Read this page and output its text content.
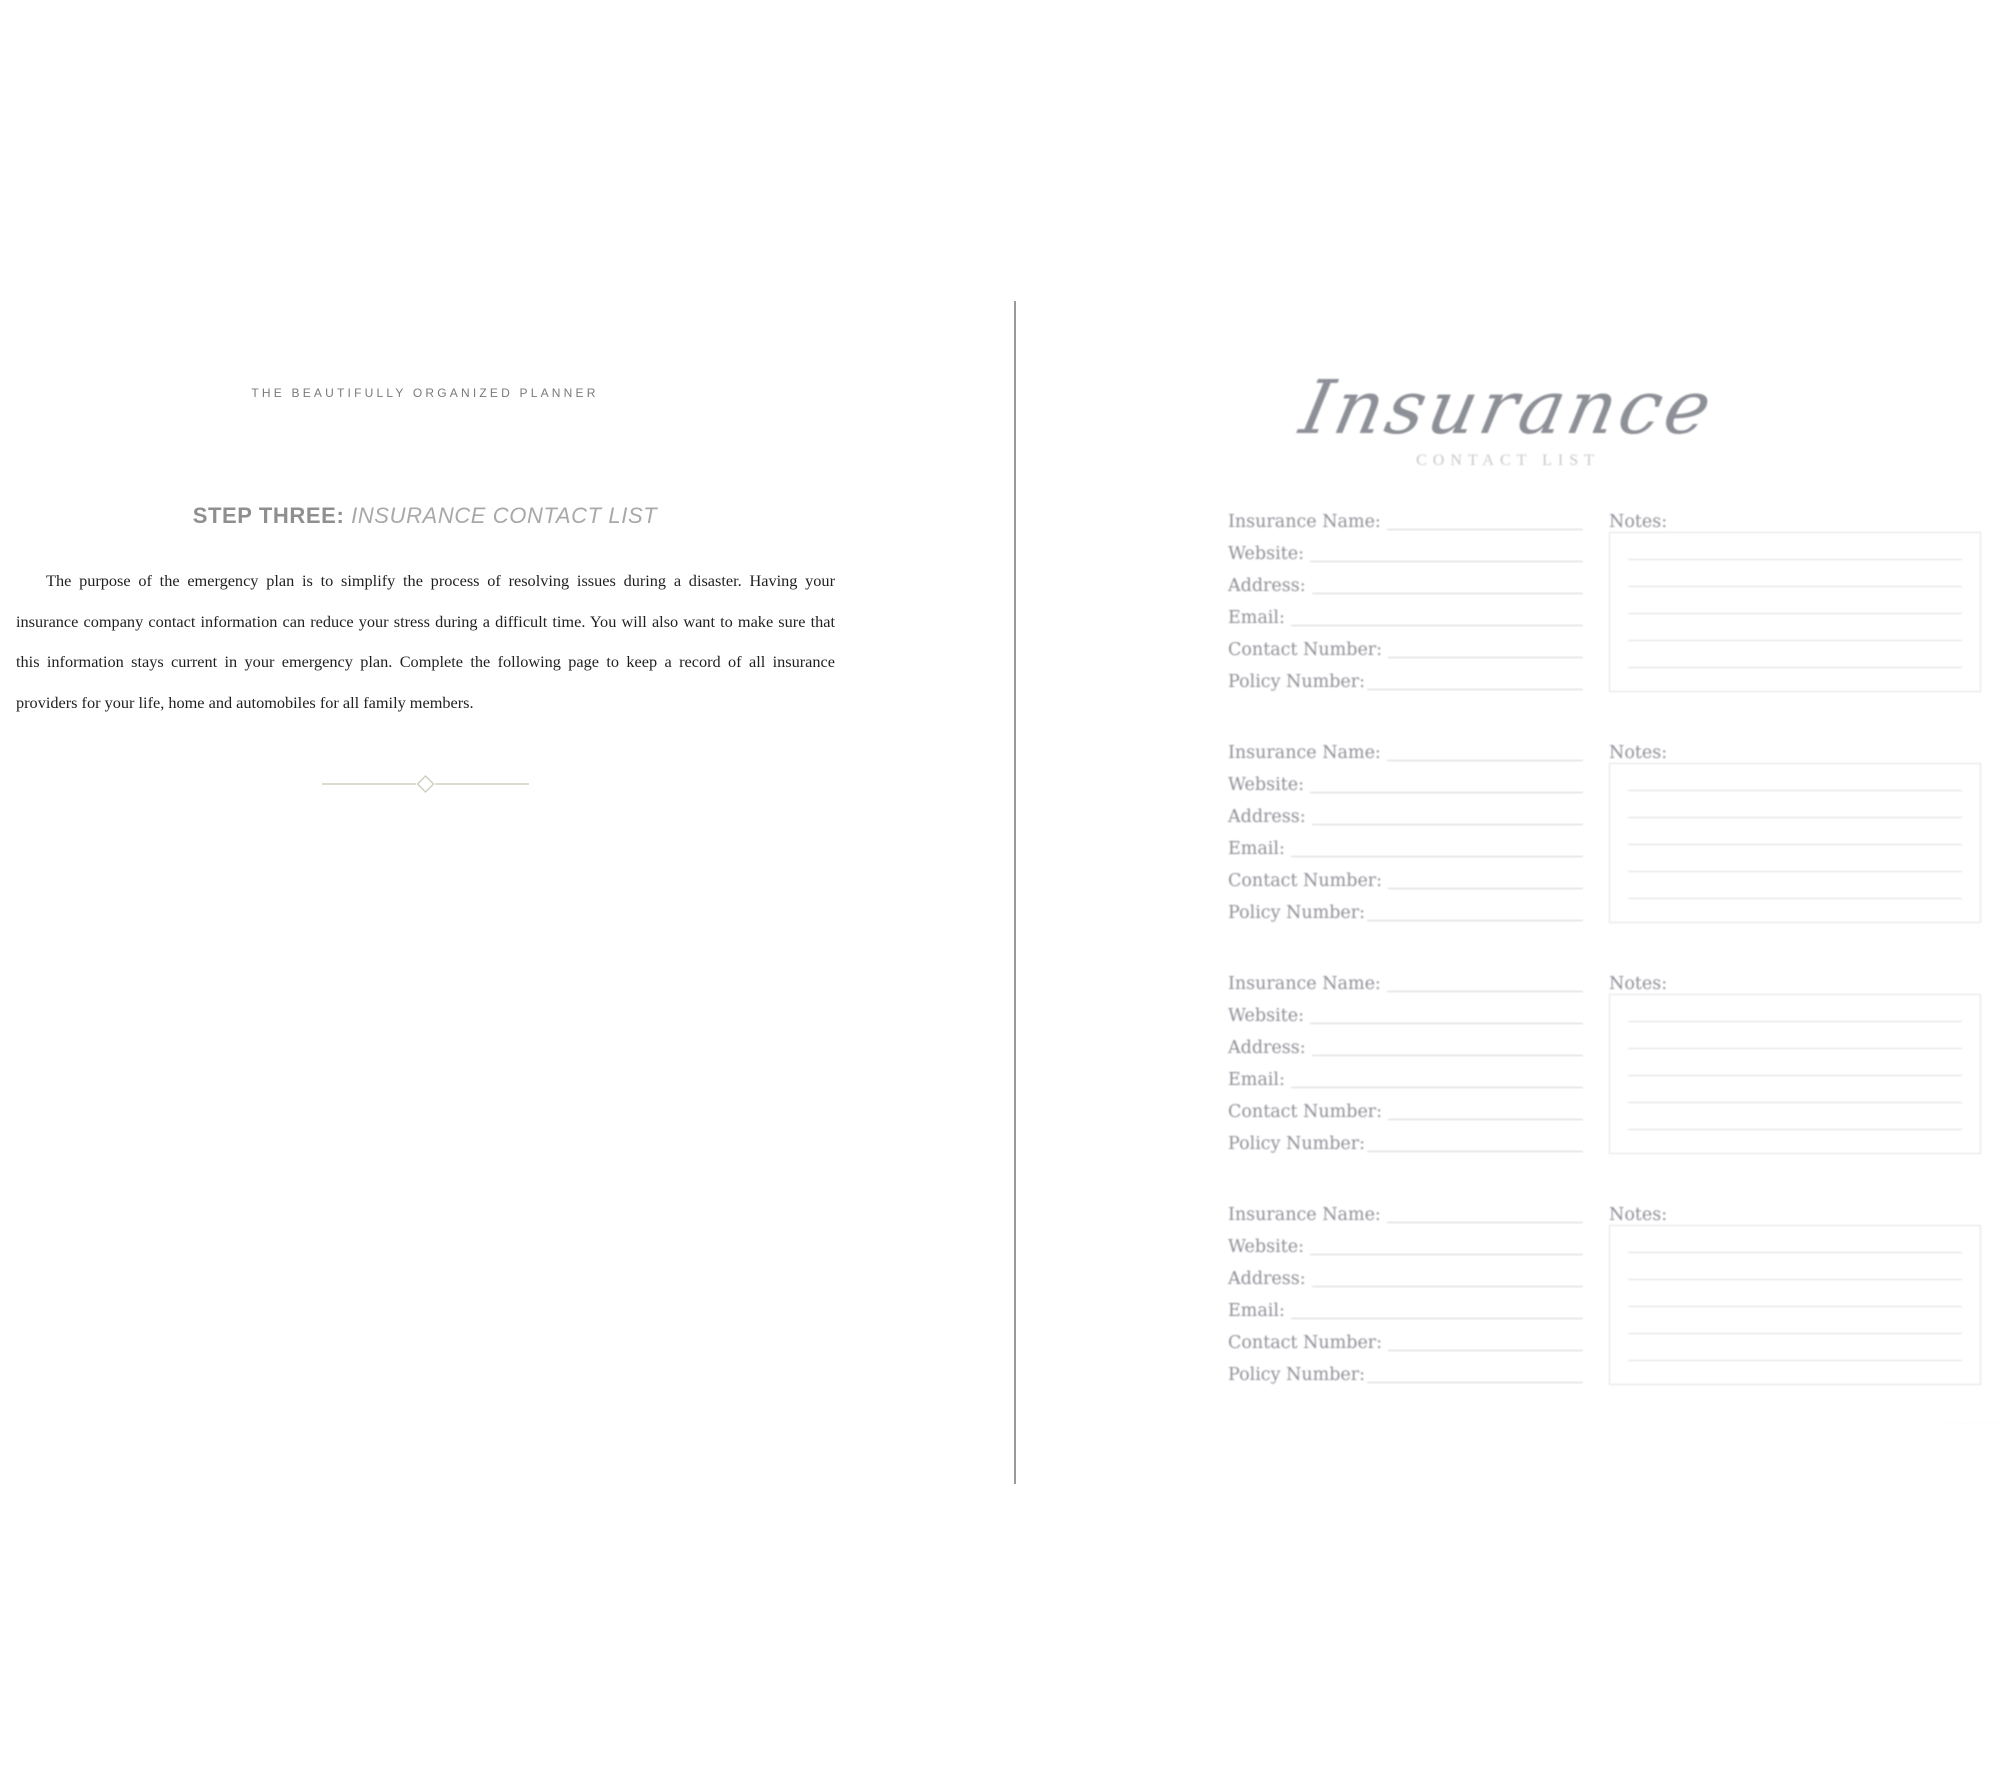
THE BEAUTIFULLY ORGANIZED PLANNER
STEP THREE: INSURANCE CONTACT LIST

The purpose of the emergency plan is to simplify the process of resolving issues during a disaster. Having your insurance company contact information can reduce your stress during a difficult time. You will also want to make sure that this information stays current in your emergency plan. Complete the following page to keep a record of all insurance providers for your life, home and automobiles for all family members.

Insurance
CONTACT LIST
Insurance Name:
Website:
Address:
Email:
Contact Number:
Policy Number:
Notes:
Insurance Name:
Website:
Address:
Email:
Contact Number:
Policy Number:
Notes:
Insurance Name:
Website:
Address:
Email:
Contact Number:
Policy Number:
Notes:
Insurance Name:
Website:
Address:
Email:
Contact Number:
Policy Number:
Notes:
· · · · · · · · · · · · · · · ·
